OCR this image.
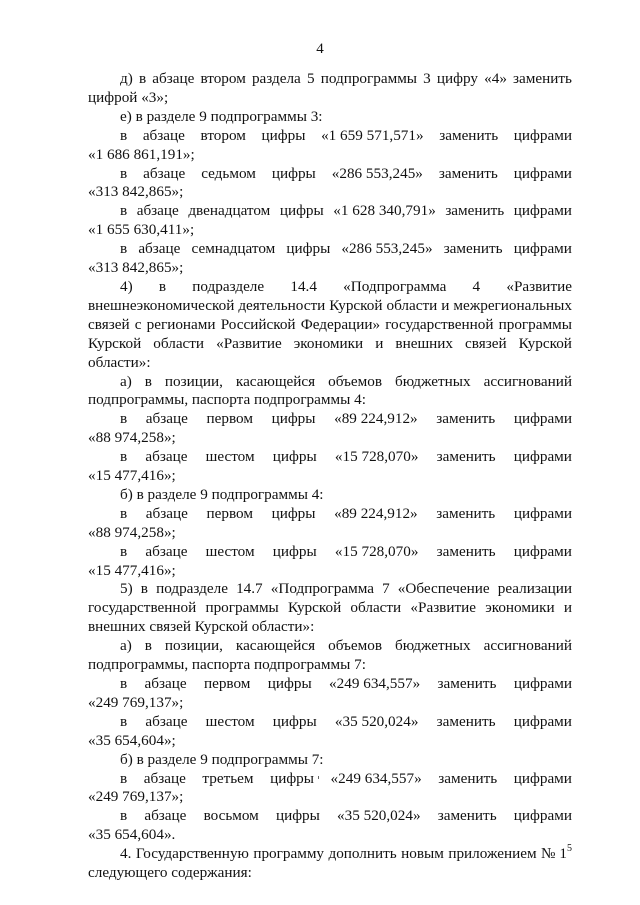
4
д) в абзаце втором раздела 5 подпрограммы 3 цифру «4» заменить
цифрой «3»;
е) в разделе 9 подпрограммы 3:
в абзаце втором цифры «1 659 571,571» заменить цифрами
«1 686 861,191»;
в абзаце седьмом цифры «286 553,245» заменить цифрами
«313 842,865»;
в абзаце двенадцатом цифры «1 628 340,791» заменить цифрами
«1 655 630,411»;
в абзаце семнадцатом цифры «286 553,245» заменить цифрами
«313 842,865»;
4) в подразделе 14.4 «Подпрограмма 4 «Развитие
внешнеэкономической деятельности Курской области и межрегиональных
связей с регионами Российской Федерации» государственной программы
Курской области «Развитие экономики и внешних связей Курской
области»:
а) в позиции, касающейся объемов бюджетных ассигнований
подпрограммы, паспорта подпрограммы 4:
в абзаце первом цифры «89 224,912» заменить цифрами
«88 974,258»;
в абзаце шестом цифры «15 728,070» заменить цифрами
«15 477,416»;
б) в разделе 9 подпрограммы 4:
в абзаце первом цифры «89 224,912» заменить цифрами
«88 974,258»;
в абзаце шестом цифры «15 728,070» заменить цифрами
«15 477,416»;
5) в подразделе 14.7 «Подпрограмма 7 «Обеспечение реализации
государственной программы Курской области «Развитие экономики и
внешних связей Курской области»:
а) в позиции, касающейся объемов бюджетных ассигнований
подпрограммы, паспорта подпрограммы 7:
в абзаце первом цифры «249 634,557» заменить цифрами
«249 769,137»;
в абзаце шестом цифры «35 520,024» заменить цифрами
«35 654,604»;
б) в разделе 9 подпрограммы 7:
в абзаце третьем цифры «249 634,557» заменить цифрами
«249 769,137»;
в абзаце восьмом цифры «35 520,024» заменить цифрами
«35 654,604».
4. Государственную программу дополнить новым приложением № $1^5$
следующего содержания:
